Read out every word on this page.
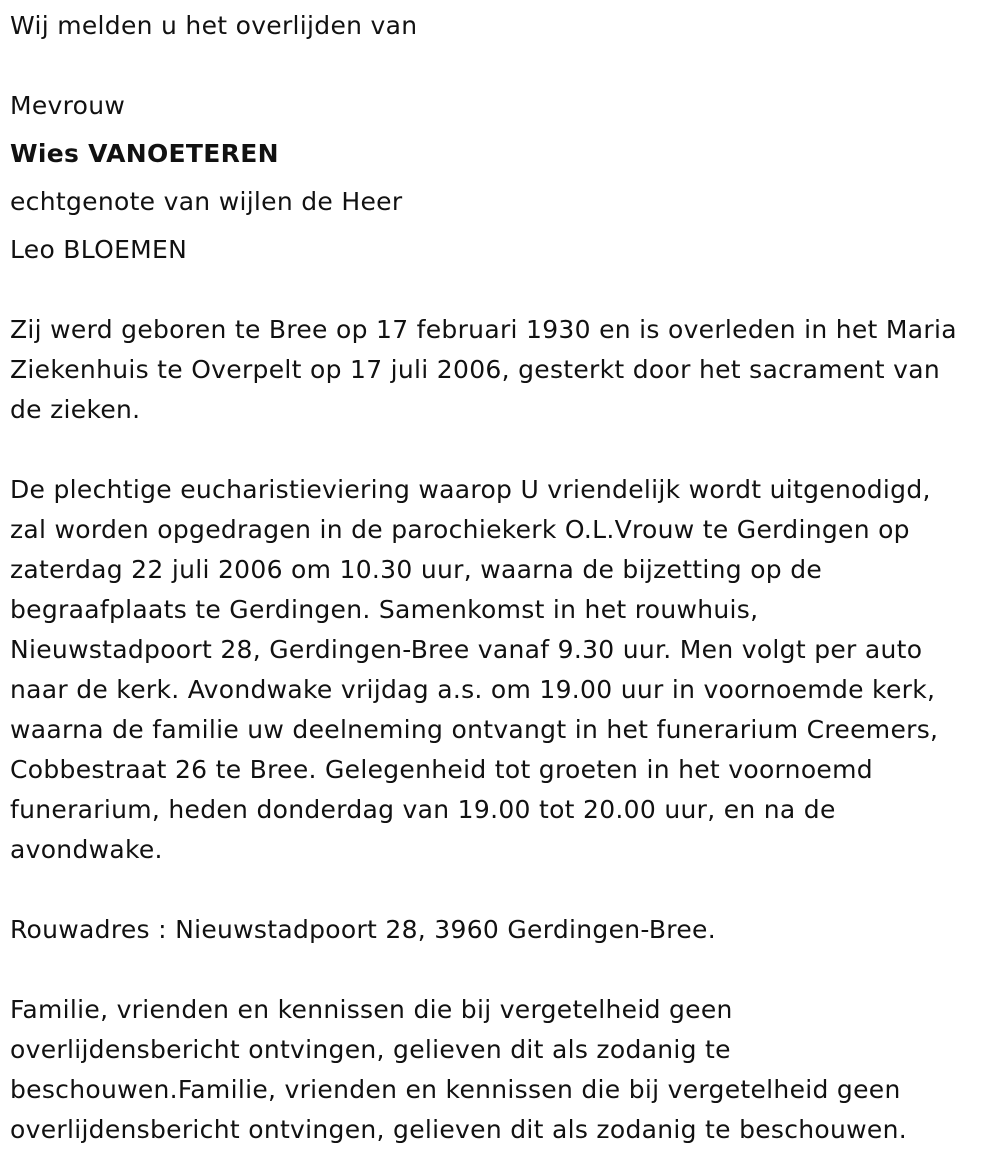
Wij melden u het overlijden van

Mevrouw

Wies VANOETEREN

echtgenote van wijlen de Heer

Leo BLOEMEN

Zij werd geboren te Bree op 17 februari 1930 en is overleden in het Maria

Ziekenhuis te Overpelt op 17 juli 2006, gesterkt door het sacrament van

de zieken.

De plechtige eucharistieviering waarop U vriendelijk wordt uitgenodigd,

zal worden opgedragen in de parochiekerk O.L.Vrouw te Gerdingen op

zaterdag 22 juli 2006 om 10.30 uur, waarna de bijzetting op de

begraafplaats te Gerdingen. Samenkomst in het rouwhuis,

Nieuwstadpoort 28, Gerdingen-Bree vanaf 9.30 uur. Men volgt per auto

naar de kerk. Avondwake vrijdag a.s. om 19.00 uur in voornoemde kerk,

waarna de familie uw deelneming ontvangt in het funerarium Creemers,

Cobbestraat 26 te Bree. Gelegenheid tot groeten in het voornoemd

funerarium, heden donderdag van 19.00 tot 20.00 uur, en na de

avondwake.

Rouwadres : Nieuwstadpoort 28, 3960 Gerdingen-Bree.

Familie, vrienden en kennissen die bij vergetelheid geen

overlijdensbericht ontvingen, gelieven dit als zodanig te

beschouwen.Familie, vrienden en kennissen die bij vergetelheid geen

overlijdensbericht ontvingen, gelieven dit als zodanig te beschouwen.
